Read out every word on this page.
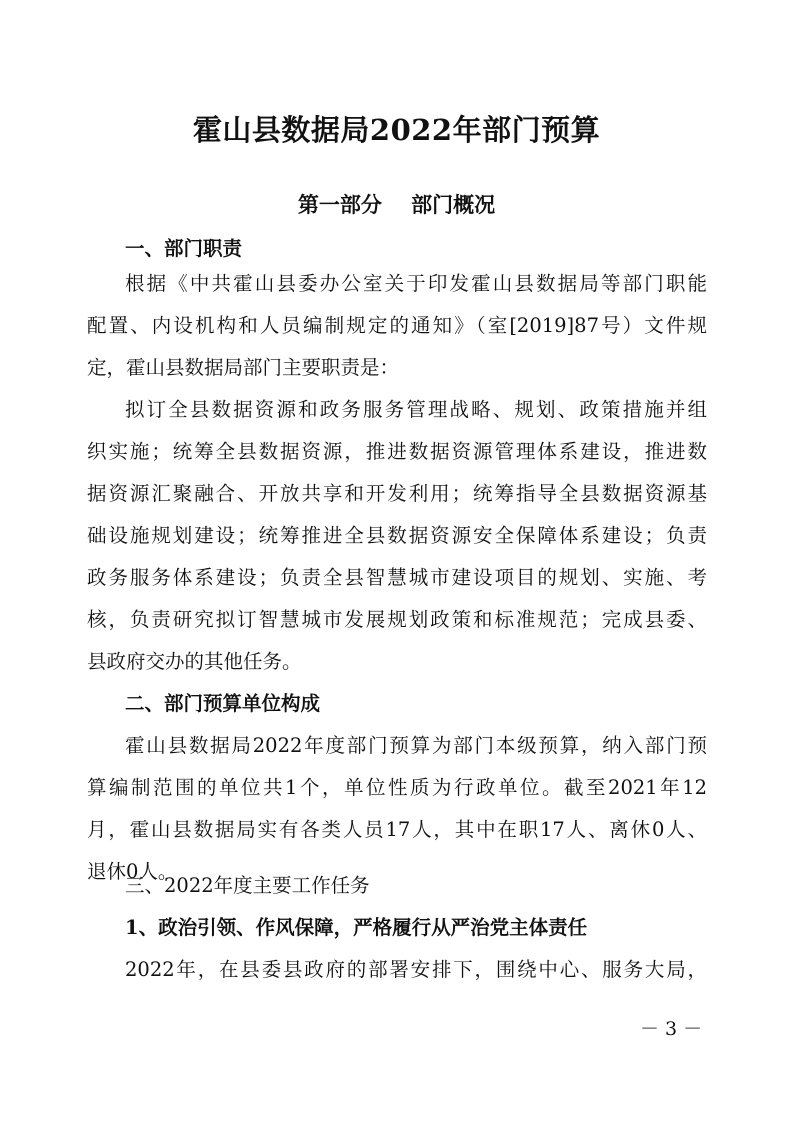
霍山县数据局2022年部门预算
第一部分    部门概况
一、部门职责
根据《中共霍山县委办公室关于印发霍山县数据局等部门职能
配置、内设机构和人员编制规定的通知》（室[2019]87号）文件规
定，霍山县数据局部门主要职责是：
拟订全县数据资源和政务服务管理战略、规划、政策措施并组
织实施；统筹全县数据资源，推进数据资源管理体系建设，推进数
据资源汇聚融合、开放共享和开发利用；统筹指导全县数据资源基
础设施规划建设；统筹推进全县数据资源安全保障体系建设；负责
政务服务体系建设；负责全县智慧城市建设项目的规划、实施、考
核，负责研究拟订智慧城市发展规划政策和标准规范；完成县委、
县政府交办的其他任务。
二、部门预算单位构成
霍山县数据局2022年度部门预算为部门本级预算，纳入部门预
算编制范围的单位共1个，单位性质为行政单位。截至2021年12
月，霍山县数据局实有各类人员17人，其中在职17人、离休0人、
退休0人。
三、2022年度主要工作任务
1、政治引领、作风保障，严格履行从严治党主体责任
2022年，在县委县政府的部署安排下，围绕中心、服务大局，
－ 3 －
